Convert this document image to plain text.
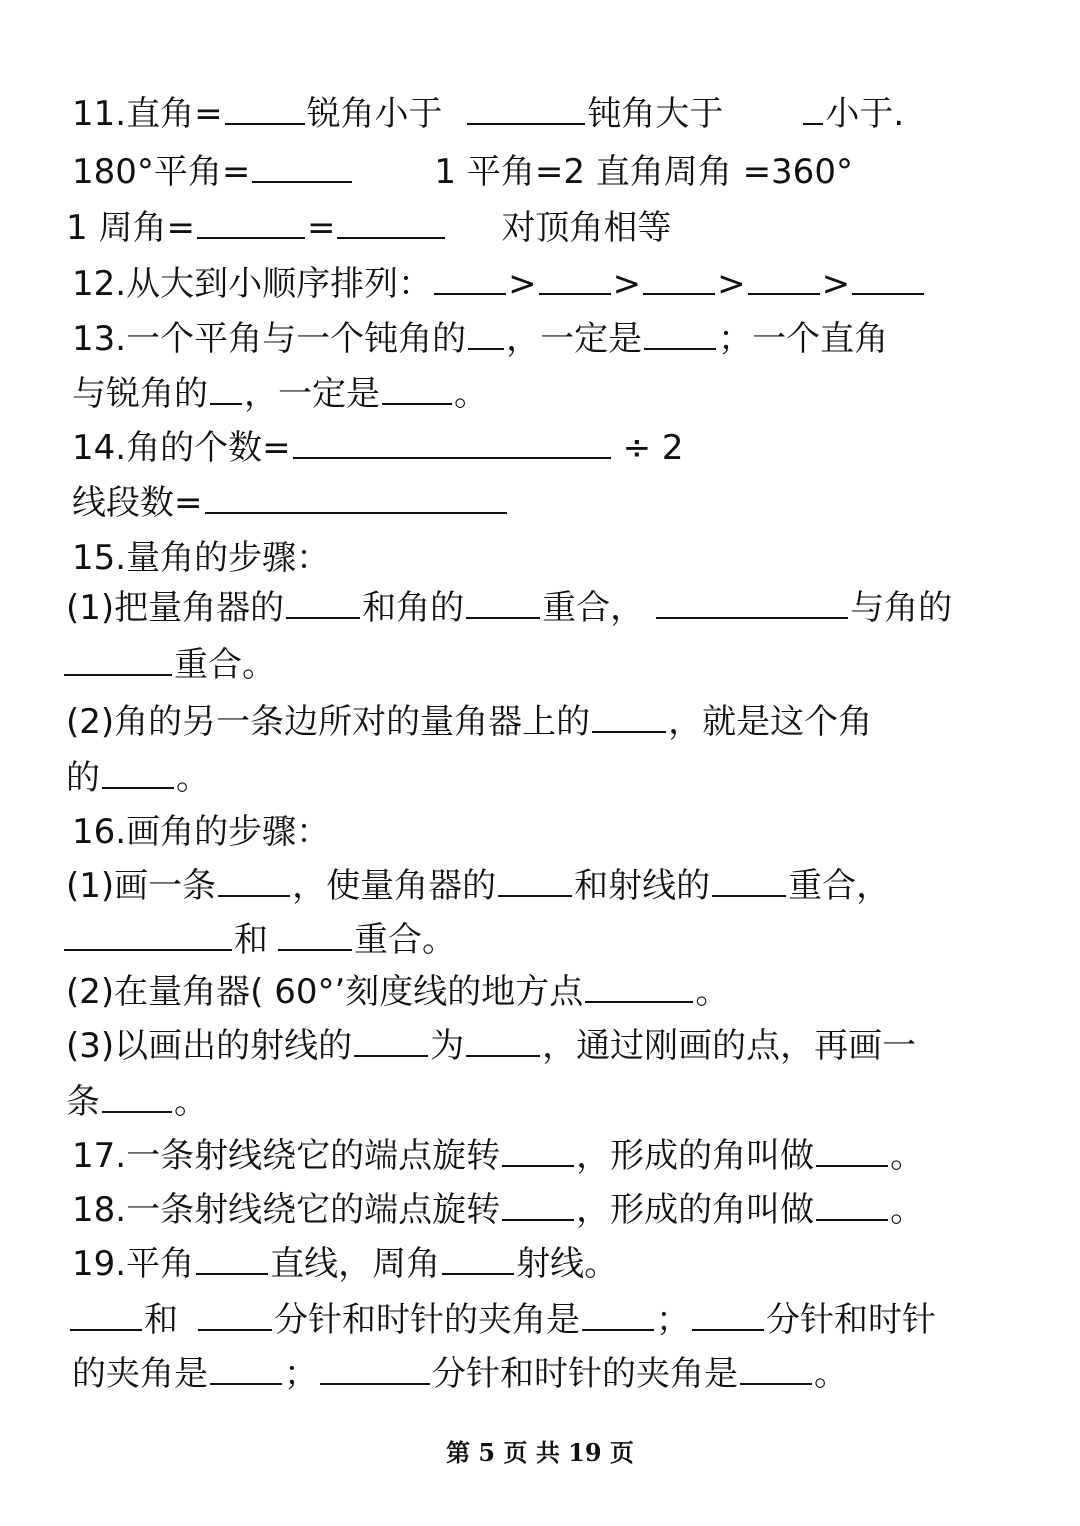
11.直角= 锐角小于	钝角大于	小于.
180°平角=	1 平角=2 直角周角 =360°
1 周角=	=	对顶角相等
12.从大到小顺序排列： > > > >
13.一个平角与一个钝角的 ，一定是 ；一个直角
与锐角的 ，一定是 。
14.角的个数=	÷ 2
线段数=
15.量角的步骤：
(1)把量角器的 和角的 重合，	与角的
重合。
(2)角的另一条边所对的量角器上的 ，就是这个角
的 。
16.画角的步骤：
(1)画一条 ，使量角器的 和射线的 重合，
和	重合。
(2)在量角器( 60°’刻度线的地方点	。
(3)以画出的射线的 为 ，通过刚画的点，再画一
条 。
17.一条射线绕它的端点旋转 ，形成的角叫做 。
18.一条射线绕它的端点旋转 ，形成的角叫做 。
19.平角 直线，周角 射线。
和	分针和时针的夹角是 ； 分针和时针
的夹角是 ；	分针和时针的夹角是 。
第 5 页 共 19 页
